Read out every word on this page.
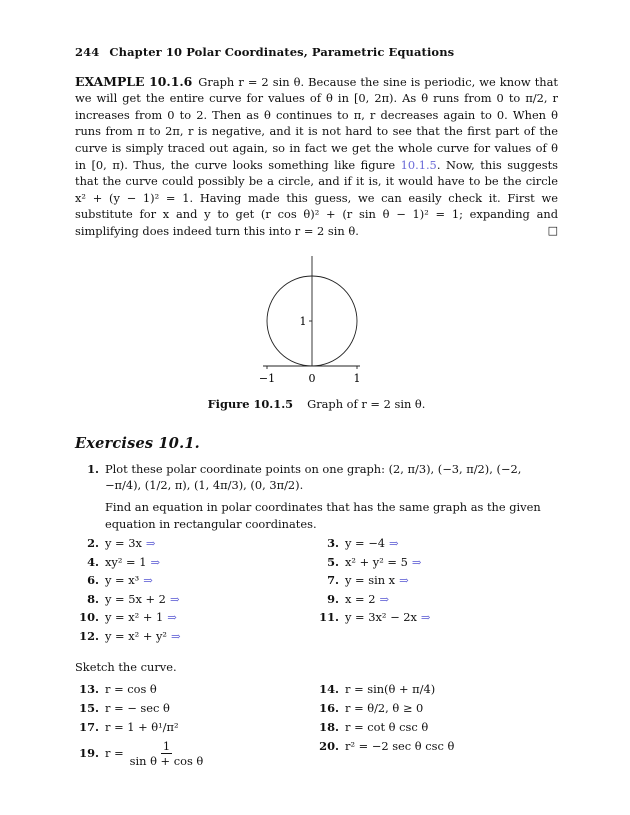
244 Chapter 10 Polar Coordinates, Parametric Equations
EXAMPLE 10.1.6 Graph r = 2 sin θ. Because the sine is periodic, we know that we will get the entire curve for values of θ in [0, 2π). As θ runs from 0 to π/2, r increases from 0 to 2. Then as θ continues to π, r decreases again to 0. When θ runs from π to 2π, r is negative, and it is not hard to see that the first part of the curve is simply traced out again, so in fact we get the whole curve for values of θ in [0, π). Thus, the curve looks something like figure 10.1.5. Now, this suggests that the curve could possibly be a circle, and if it is, it would have to be the circle x² + (y − 1)² = 1. Having made this guess, we can easily check it. First we substitute for x and y to get (r cos θ)² + (r sin θ − 1)² = 1; expanding and simplifying does indeed turn this into r = 2 sin θ.	□
−1	0	1
1
Figure 10.1.5 Graph of r = 2 sin θ.
Exercises 10.1.
1. Plot these polar coordinate points on one graph: (2, π/3), (−3, π/2), (−2, −π/4), (1/2, π), (1, 4π/3), (0, 3π/2).
Find an equation in polar coordinates that has the same graph as the given equation in rectangular coordinates.
2. y = 3x ⇒	3. y = −4 ⇒
4. xy² = 1 ⇒	5. x² + y² = 5 ⇒
6. y = x³ ⇒	7. y = sin x ⇒
8. y = 5x + 2 ⇒	9. x = 2 ⇒
10. y = x² + 1 ⇒	11. y = 3x² − 2x ⇒
12. y = x² + y² ⇒
Sketch the curve.
13. r = cos θ	14. r = sin(θ + π/4)
15. r = − sec θ	16. r = θ/2, θ ≥ 0
17. r = 1 + θ¹/π²	18. r = cot θ csc θ
19. $r = \frac{1}{\text{sin θ + cos θ}}$	20. r² = −2 sec θ csc θ
